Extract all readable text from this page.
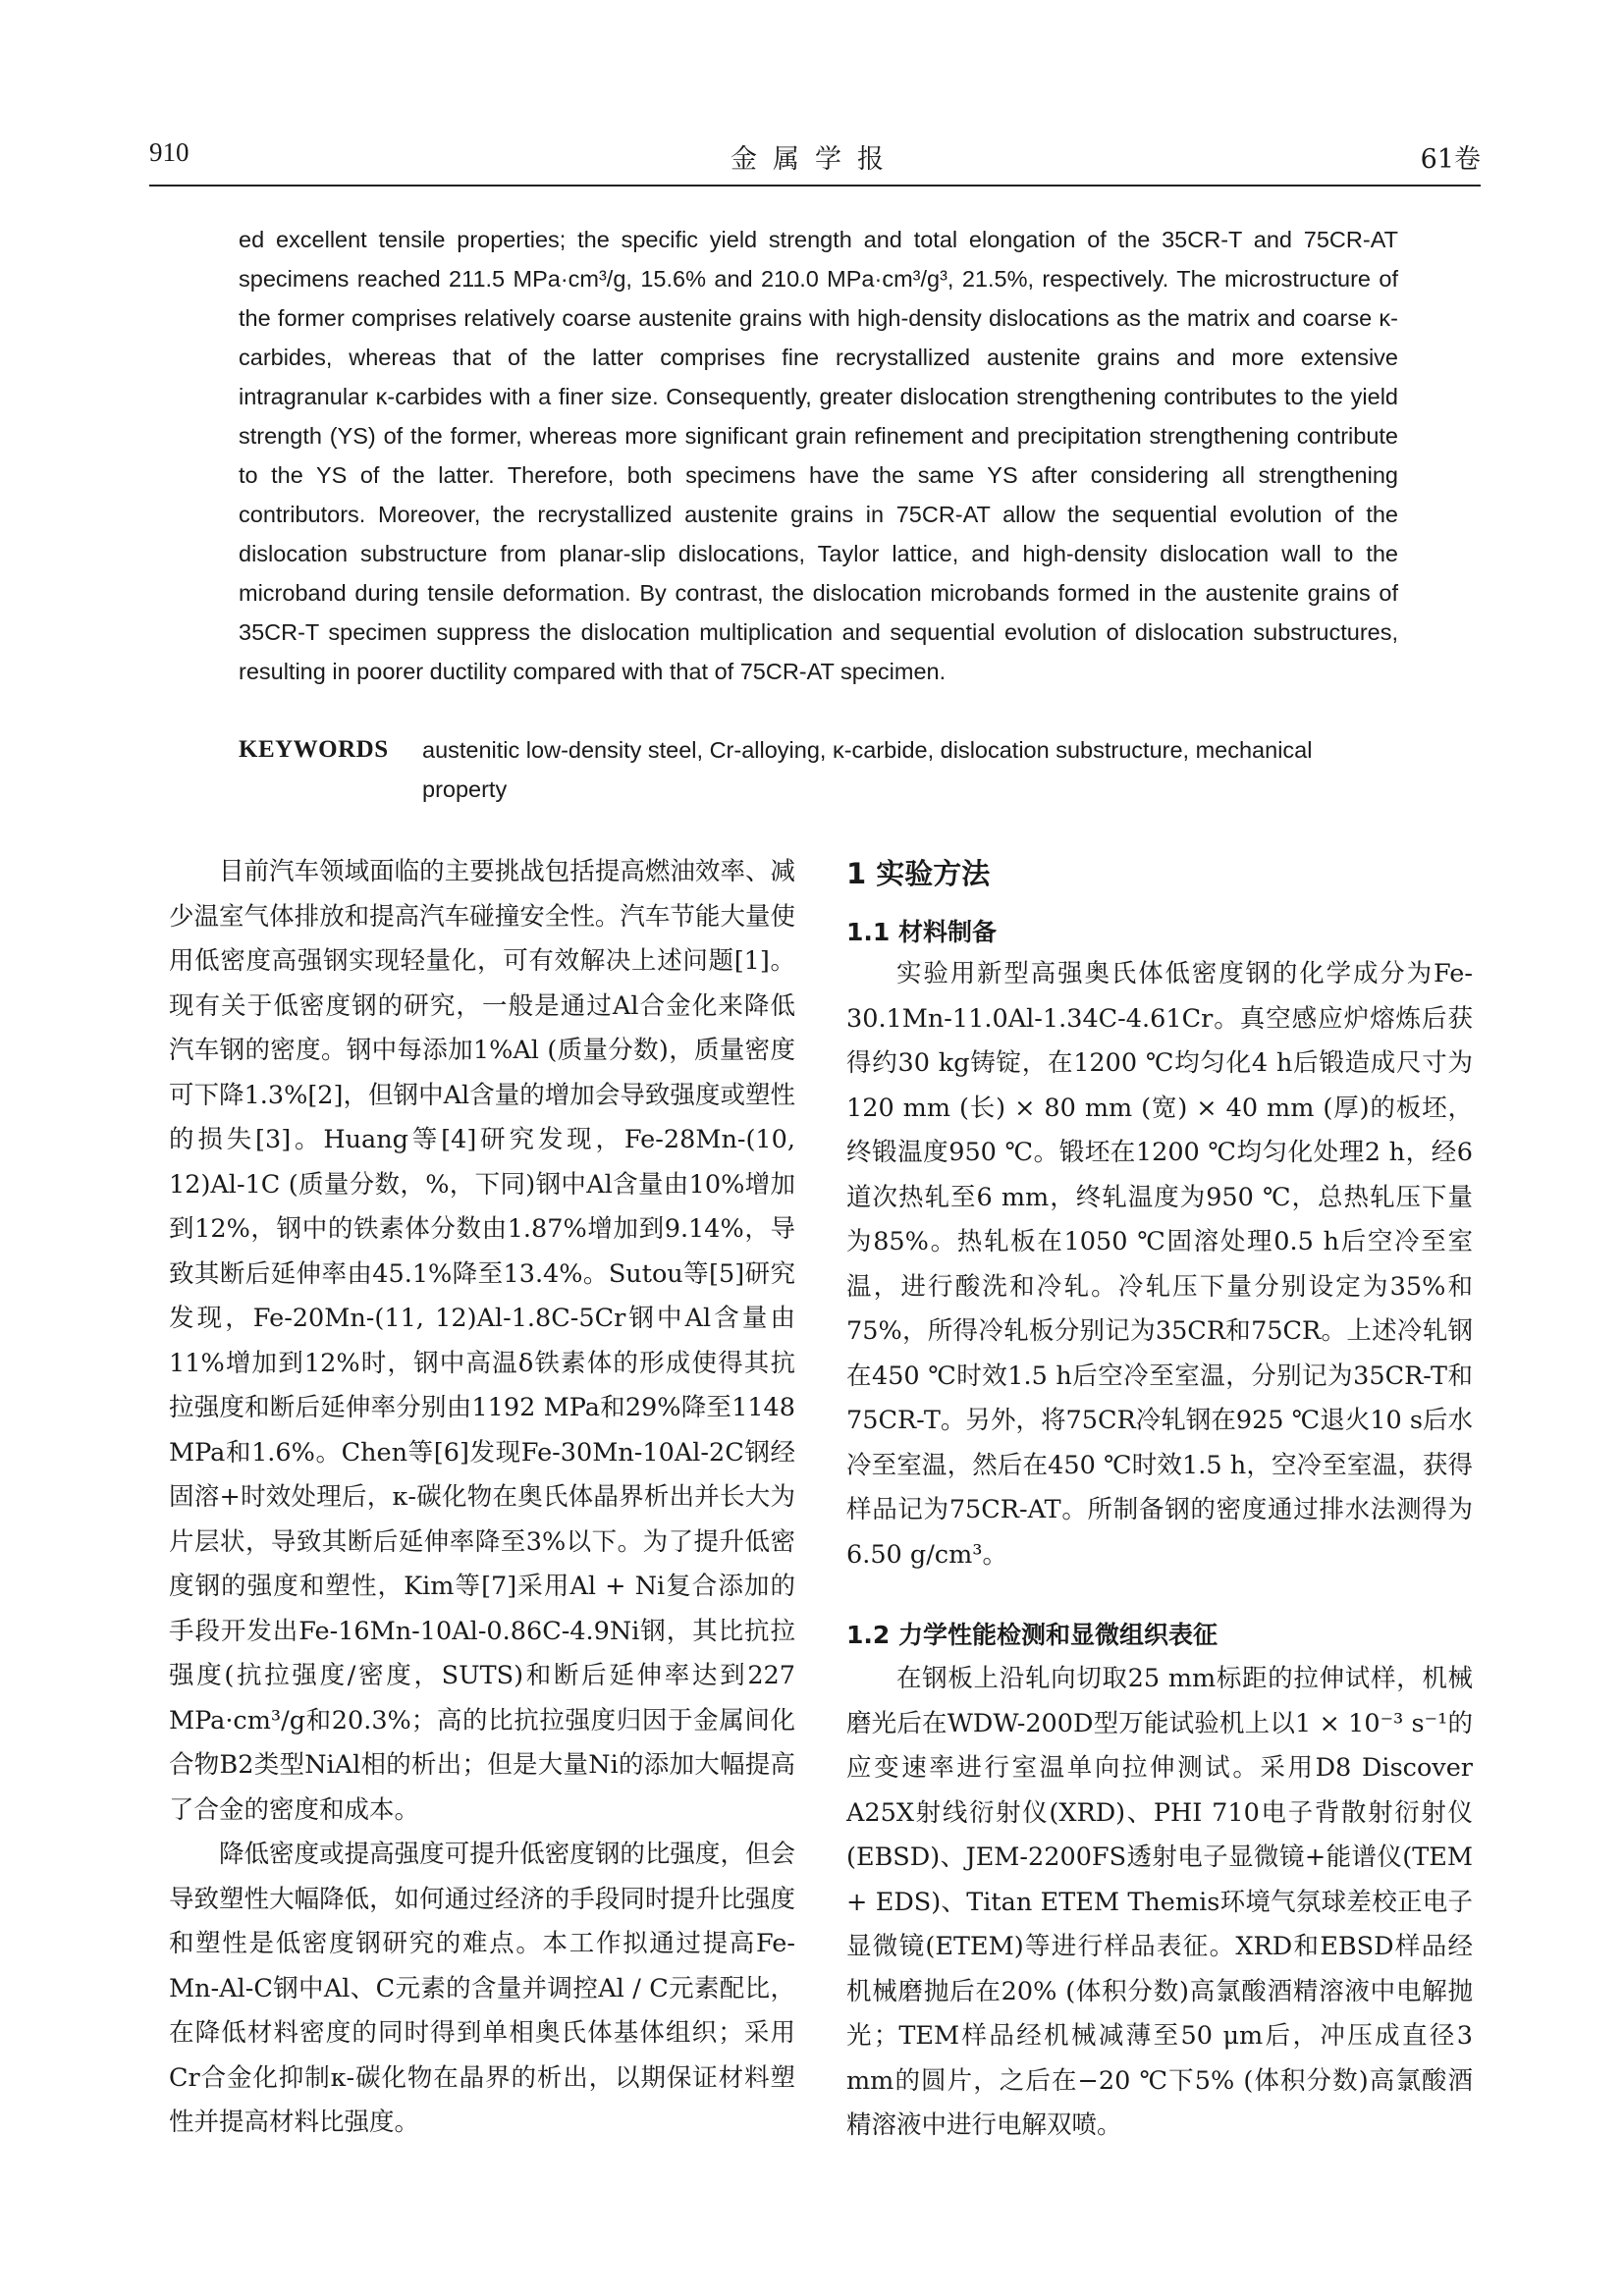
910	金属学报	61卷

ed excellent tensile properties; the specific yield strength and total elongation of the 35CR-T and 75CR-AT specimens reached 211.5 MPa·cm³/g, 15.6% and 210.0 MPa·cm³/g³, 21.5%, respectively. The microstructure of the former comprises relatively coarse austenite grains with high-density dislocations as the matrix and coarse κ-carbides, whereas that of the latter comprises fine recrystallized austenite grains and more extensive intragranular κ-carbides with a finer size. Consequently, greater dislocation strengthening contributes to the yield strength (YS) of the former, whereas more significant grain refinement and precipitation strengthening contribute to the YS of the latter. Therefore, both specimens have the same YS after considering all strengthening contributors. Moreover, the recrystallized austenite grains in 75CR-AT allow the sequential evolution of the dislocation substructure from planar-slip dislocations, Taylor lattice, and high-density dislocation wall to the microband during tensile deformation. By contrast, the dislocation microbands formed in the austenite grains of 35CR-T specimen suppress the dislocation multiplication and sequential evolution of dislocation substructures, resulting in poorer ductility compared with that of 75CR-AT specimen.

KEYWORDS austenitic low-density steel, Cr-alloying, κ-carbide, dislocation substructure, mechanical property

目前汽车领域面临的主要挑战包括提高燃油效率、减少温室气体排放和提高汽车碰撞安全性。汽车节能大量使用低密度高强钢实现轻量化，可有效解决上述问题[1]。现有关于低密度钢的研究，一般是通过Al合金化来降低汽车钢的密度。钢中每添加1%Al (质量分数)，质量密度可下降1.3%[2]，但钢中Al含量的增加会导致强度或塑性的损失[3]。Huang等[4]研究发现，Fe-28Mn-(10, 12)Al-1C (质量分数，%，下同)钢中Al含量由10%增加到12%，钢中的铁素体分数由1.87%增加到9.14%，导致其断后延伸率由45.1%降至13.4%。Sutou等[5]研究发现，Fe-20Mn-(11, 12)Al-1.8C-5Cr钢中Al含量由11%增加到12%时，钢中高温δ铁素体的形成使得其抗拉强度和断后延伸率分别由1192 MPa和29%降至1148 MPa和1.6%。Chen等[6]发现Fe-30Mn-10Al-2C钢经固溶+时效处理后，κ-碳化物在奥氏体晶界析出并长大为片层状，导致其断后延伸率降至3%以下。为了提升低密度钢的强度和塑性，Kim等[7]采用Al + Ni复合添加的手段开发出Fe-16Mn-10Al-0.86C-4.9Ni钢，其比抗拉强度(抗拉强度/密度，SUTS)和断后延伸率达到227 MPa·cm³/g和20.3%；高的比抗拉强度归因于金属间化合物B2类型NiAl相的析出；但是大量Ni的添加大幅提高了合金的密度和成本。

降低密度或提高强度可提升低密度钢的比强度，但会导致塑性大幅降低，如何通过经济的手段同时提升比强度和塑性是低密度钢研究的难点。本工作拟通过提高Fe-Mn-Al-C钢中Al、C元素的含量并调控Al / C元素配比，在降低材料密度的同时得到单相奥氏体基体组织；采用Cr合金化抑制κ-碳化物在晶界的析出，以期保证材料塑性并提高材料比强度。

1 实验方法
1.1 材料制备

实验用新型高强奥氏体低密度钢的化学成分为Fe-30.1Mn-11.0Al-1.34C-4.61Cr。真空感应炉熔炼后获得约30 kg铸锭，在1200 ℃均匀化4 h后锻造成尺寸为120 mm (长) × 80 mm (宽) × 40 mm (厚)的板坯，终锻温度950 ℃。锻坯在1200 ℃均匀化处理2 h，经6道次热轧至6 mm，终轧温度为950 ℃，总热轧压下量为85%。热轧板在1050 ℃固溶处理0.5 h后空冷至室温，进行酸洗和冷轧。冷轧压下量分别设定为35%和75%，所得冷轧板分别记为35CR和75CR。上述冷轧钢在450 ℃时效1.5 h后空冷至室温，分别记为35CR-T和75CR-T。另外，将75CR冷轧钢在925 ℃退火10 s后水冷至室温，然后在450 ℃时效1.5 h，空冷至室温，获得样品记为75CR-AT。所制备钢的密度通过排水法测得为6.50 g/cm³。

1.2 力学性能检测和显微组织表征

在钢板上沿轧向切取25 mm标距的拉伸试样，机械磨光后在WDW-200D型万能试验机上以1 × 10⁻³ s⁻¹的应变速率进行室温单向拉伸测试。采用D8 Discover A25X射线衍射仪(XRD)、PHI 710电子背散射衍射仪(EBSD)、JEM-2200FS透射电子显微镜+能谱仪(TEM + EDS)、Titan ETEM Themis环境气氛球差校正电子显微镜(ETEM)等进行样品表征。XRD和EBSD样品经机械磨抛后在20% (体积分数)高氯酸酒精溶液中电解抛光；TEM样品经机械减薄至50 μm后，冲压成直径3 mm的圆片，之后在−20 ℃下5% (体积分数)高氯酸酒精溶液中进行电解双喷。
